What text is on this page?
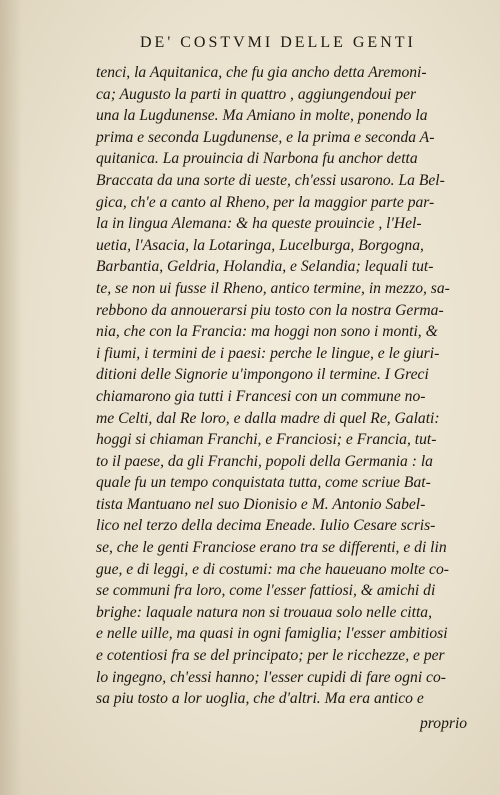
DE' COSTVMI DELLE GENTI
tenci, la Aquitanica, che fu gia ancho detta Aremoni-
ca; Augusto la parti in quattro , aggiungendoui per
una la Lugdunense. Ma Amiano in molte, ponendo la
prima e seconda Lugdunense, e la prima e seconda A-
quitanica. La prouincia di Narbona fu anchor detta
Braccata da una sorte di ueste, ch'essi usarono. La Bel-
gica, ch'e a canto al Rheno, per la maggior parte par-
la in lingua Alemana: & ha queste prouincie , l'Hel-
uetia, l'Asacia, la Lotaringa, Lucelburga, Borgogna,
Barbantia, Geldria, Holandia, e Selandia; lequali tut-
te, se non ui fusse il Rheno, antico termine, in mezzo, sa-
rebbono da annouerarsi piu tosto con la nostra Germa-
nia, che con la Francia: ma hoggi non sono i monti, &
i fiumi, i termini de i paesi: perche le lingue, e le giuri-
ditioni delle Signorie u'impongono il termine. I Greci
chiamarono gia tutti i Francesi con un commune no-
me Celti, dal Re loro, e dalla madre di quel Re, Galati:
hoggi si chiaman Franchi, e Franciosi; e Francia, tut-
to il paese, da gli Franchi, popoli della Germania : la
quale fu un tempo conquistata tutta, come scriue Bat-
tista Mantuano nel suo Dionisio e M. Antonio Sabel-
lico nel terzo della decima Eneade. Iulio Cesare scris-
se, che le genti Franciose erano tra se differenti, e di lin
gue, e di leggi, e di costumi: ma che haueuano molte co-
se communi fra loro, come l'esser fattiosi, & amichi di
brighe: laquale natura non si trouaua solo nelle citta,
e nelle uille, ma quasi in ogni famiglia; l'esser ambitiosi
e cotentiosi fra se del principato; per le ricchezze, e per
lo ingegno, ch'essi hanno; l'esser cupidi di fare ogni co-
sa piu tosto a lor uoglia, che d'altri. Ma era antico e
proprio
